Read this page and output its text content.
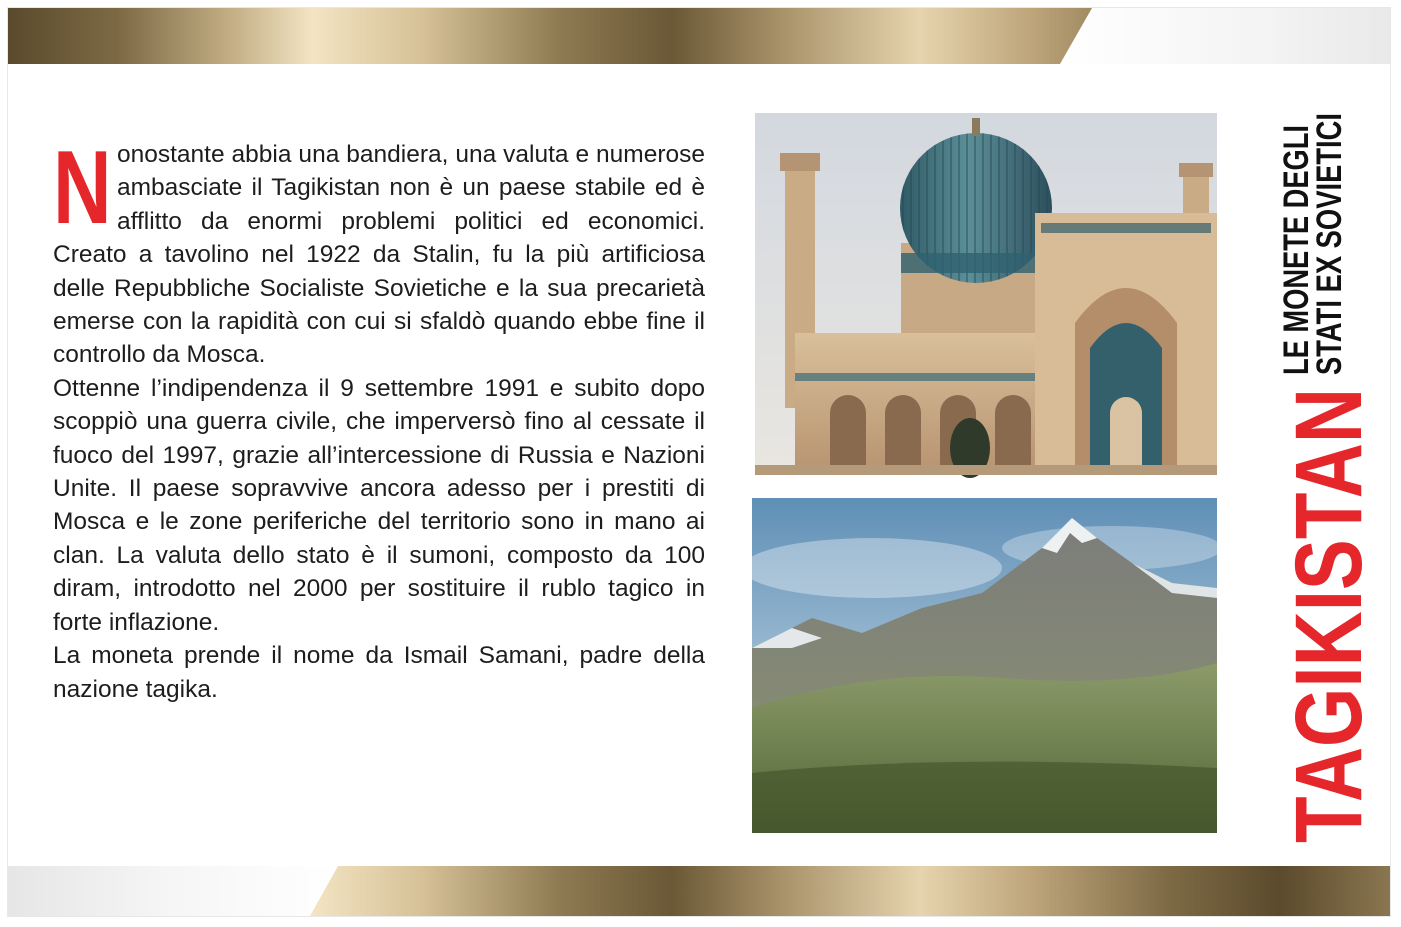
N onostante abbia una bandiera, una valuta e numerose ambasciate il Tagikistan non è un paese stabile ed è afflitto da enormi problemi politici ed economici. Creato a tavolino nel 1922 da Stalin, fu la più artificiosa delle Repubbliche Socialiste Sovietiche e la sua precarietà emerse con la rapidità con cui si sfaldò quando ebbe fine il controllo da Mosca.

Ottenne l’indipendenza il 9 settembre 1991 e subito dopo scoppiò una guerra civile, che imperversò fino al cessate il fuoco del 1997, grazie all’intercessione di Russia e Nazioni Unite. Il paese sopravvive ancora adesso per i prestiti di Mosca e le zone periferiche del territorio sono in mano ai clan. La valuta dello stato è il sumoni, composto da 100 diram, introdotto nel 2000 per sostituire il rublo tagico in forte inflazione.

La moneta prende il nome da Ismail Samani, padre della nazione tagika.	TAGIKISTAN
LE MONETE DEGLI
STATI EX SOVIETICI
